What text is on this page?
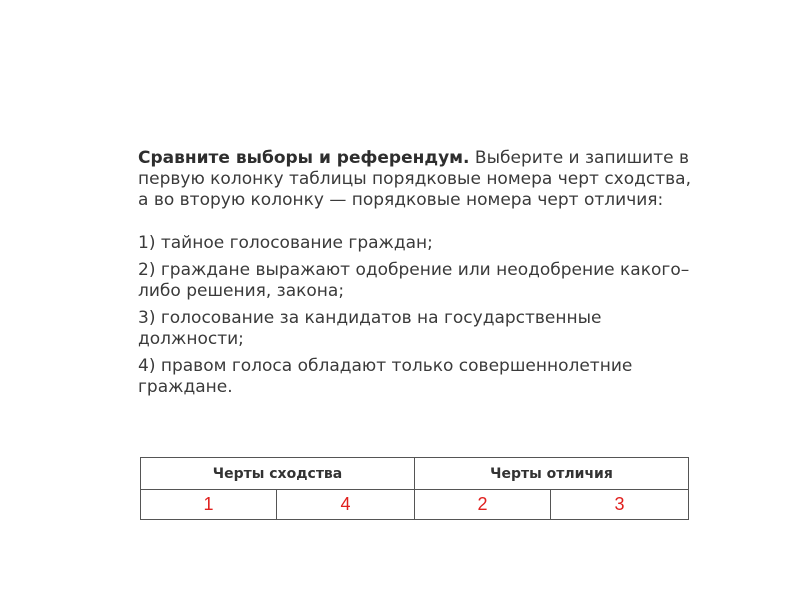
Сравните выборы и референдум. Выберите и запишите в первую колонку таблицы порядковые номера черт сходства, а во вторую колонку — порядковые номера черт отличия:

1) тайное голосование граждан;
2) граждане выражают одобрение или неодобрение какого–либо решения, закона;
3) голосование за кандидатов на государственные должности;
4) правом голоса обладают только совершеннолетние граждане.
Черты сходства		Черты отличия	
1	4	2	3
